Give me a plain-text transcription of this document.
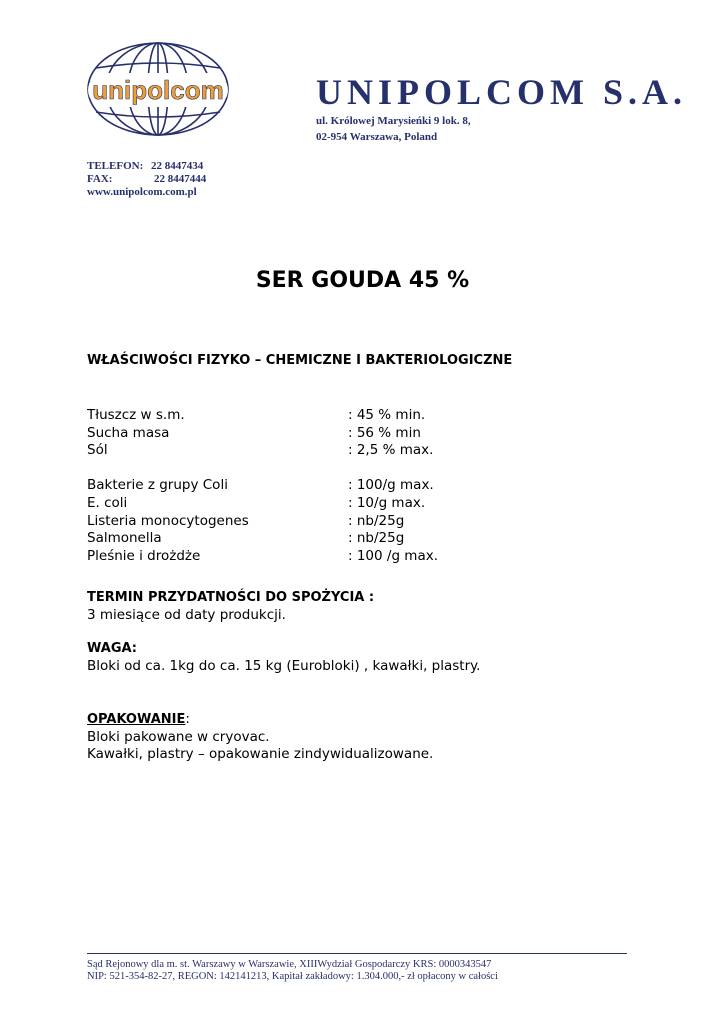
unipolcom	UNIPOLCOM S.A.
ul. Królowej Marysieńki 9 lok. 8,
02-954 Warszawa, Poland
TELEFON: 22 8447434
FAX:	22 8447444
www.unipolcom.com.pl
SER GOUDA 45 %
WŁAŚCIWOŚCI FIZYKO – CHEMICZNE I BAKTERIOLOGICZNE
Tłuszcz w s.m.	: 45 % min.
Sucha masa	: 56 % min
Sól	: 2,5 % max.
Bakterie z grupy Coli	: 100/g max.
E. coli	: 10/g max.
Listeria monocytogenes	: nb/25g
Salmonella	: nb/25g
Pleśnie i drożdże	: 100 /g max.
TERMIN PRZYDATNOŚCI DO SPOŻYCIA :
3 miesiące od daty produkcji.
WAGA:
Bloki od ca. 1kg do ca. 15 kg (Eurobloki) , kawałki, plastry.
OPAKOWANIE:
Bloki pakowane w cryovac.
Kawałki, plastry – opakowanie zindywidualizowane.
Sąd Rejonowy dla m. st. Warszawy w Warszawie, XIIIWydział Gospodarczy KRS: 0000343547
NIP: 521-354-82-27, REGON: 142141213, Kapitał zakładowy: 1.304.000,- zł opłacony w całości
